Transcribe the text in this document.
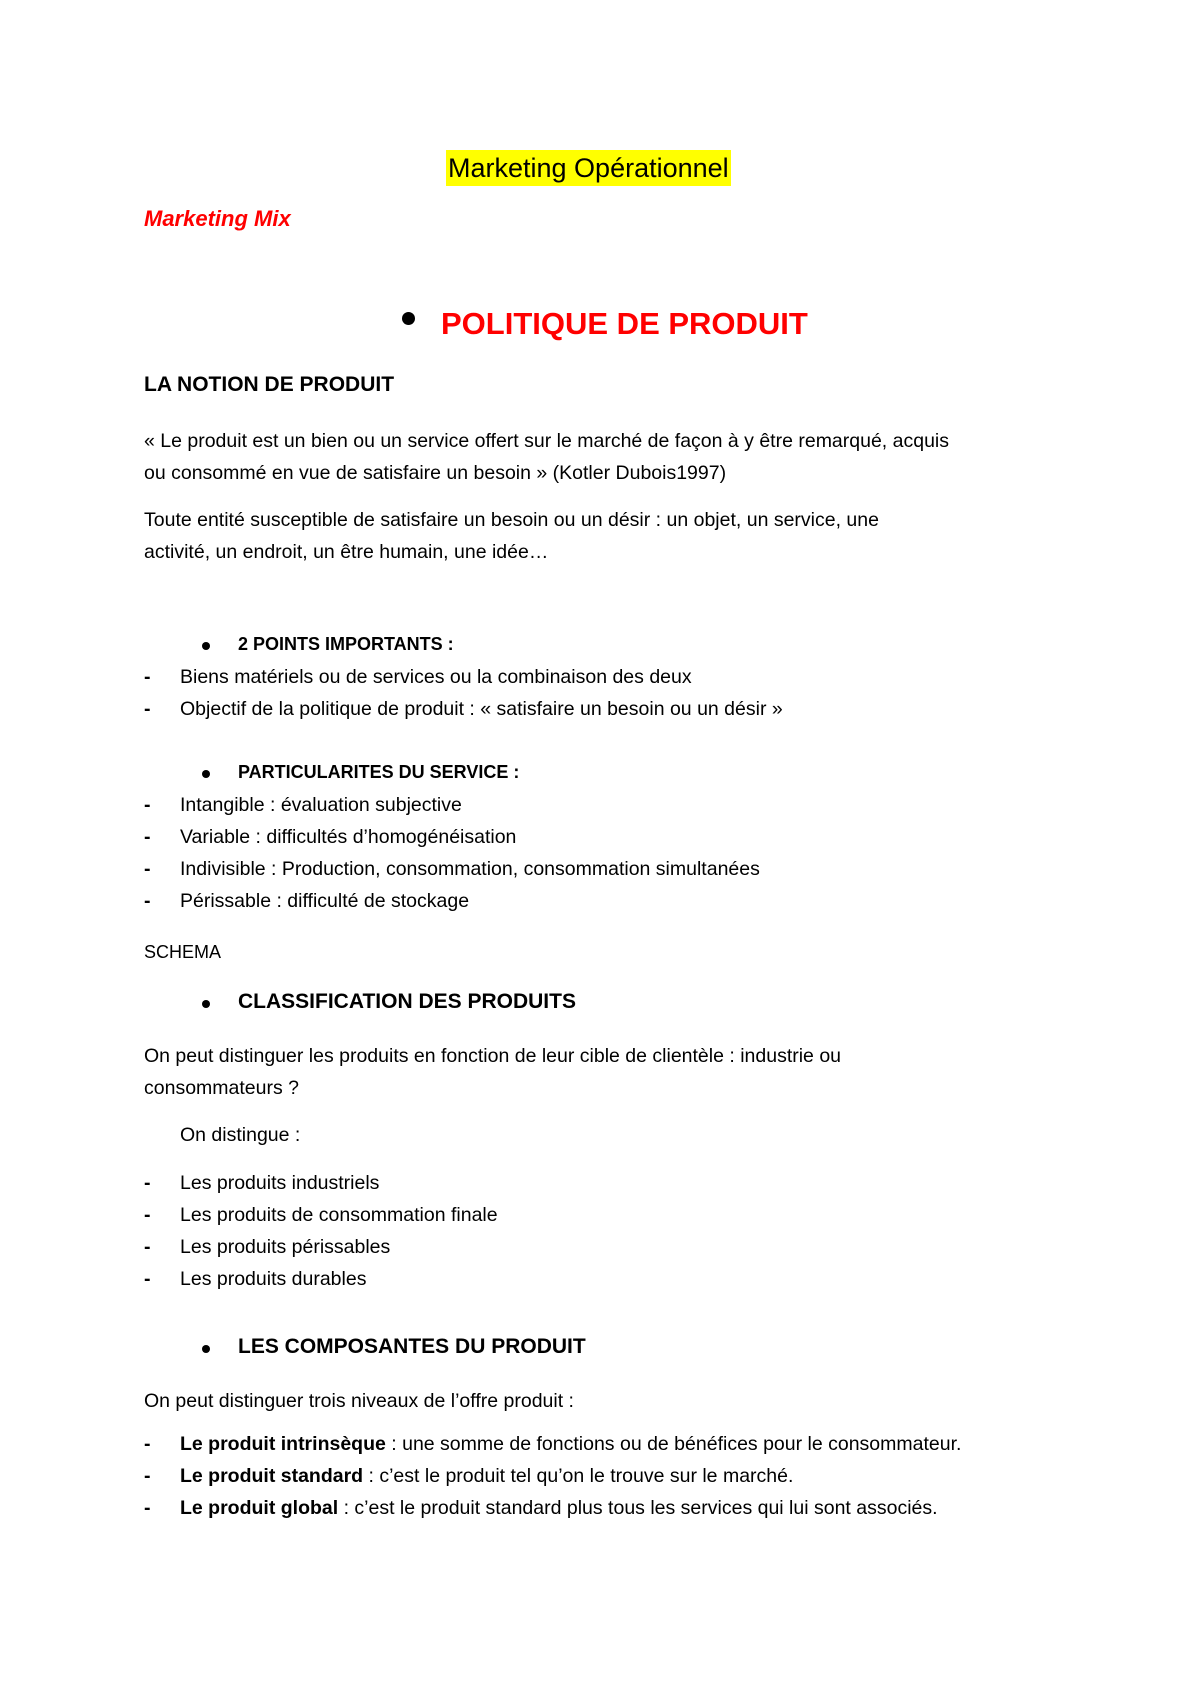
Marketing Opérationnel
Marketing Mix
POLITIQUE DE PRODUIT
LA NOTION DE PRODUIT
« Le produit est un bien ou un service offert sur le marché de façon à y être remarqué, acquis
ou consommé en vue de satisfaire un besoin » (Kotler Dubois1997)
Toute entité susceptible de satisfaire un besoin ou un désir : un objet, un service, une
activité, un endroit, un être humain, une idée…
2 POINTS IMPORTANTS :
- Biens matériels ou de services ou la combinaison des deux
- Objectif de la politique de produit : « satisfaire un besoin ou un désir »
PARTICULARITES DU SERVICE :
- Intangible : évaluation subjective
- Variable : difficultés d’homogénéisation
- Indivisible : Production, consommation, consommation simultanées
- Périssable : difficulté de stockage
SCHEMA
CLASSIFICATION DES PRODUITS
On peut distinguer les produits en fonction de leur cible de clientèle : industrie ou
consommateurs ?
On distingue :
- Les produits industriels
- Les produits de consommation finale
- Les produits périssables
- Les produits durables
LES COMPOSANTES DU PRODUIT
On peut distinguer trois niveaux de l’offre produit :
- Le produit intrinsèque : une somme de fonctions ou de bénéfices pour le consommateur.
- Le produit standard : c’est le produit tel qu’on le trouve sur le marché.
- Le produit global : c’est le produit standard plus tous les services qui lui sont associés.
